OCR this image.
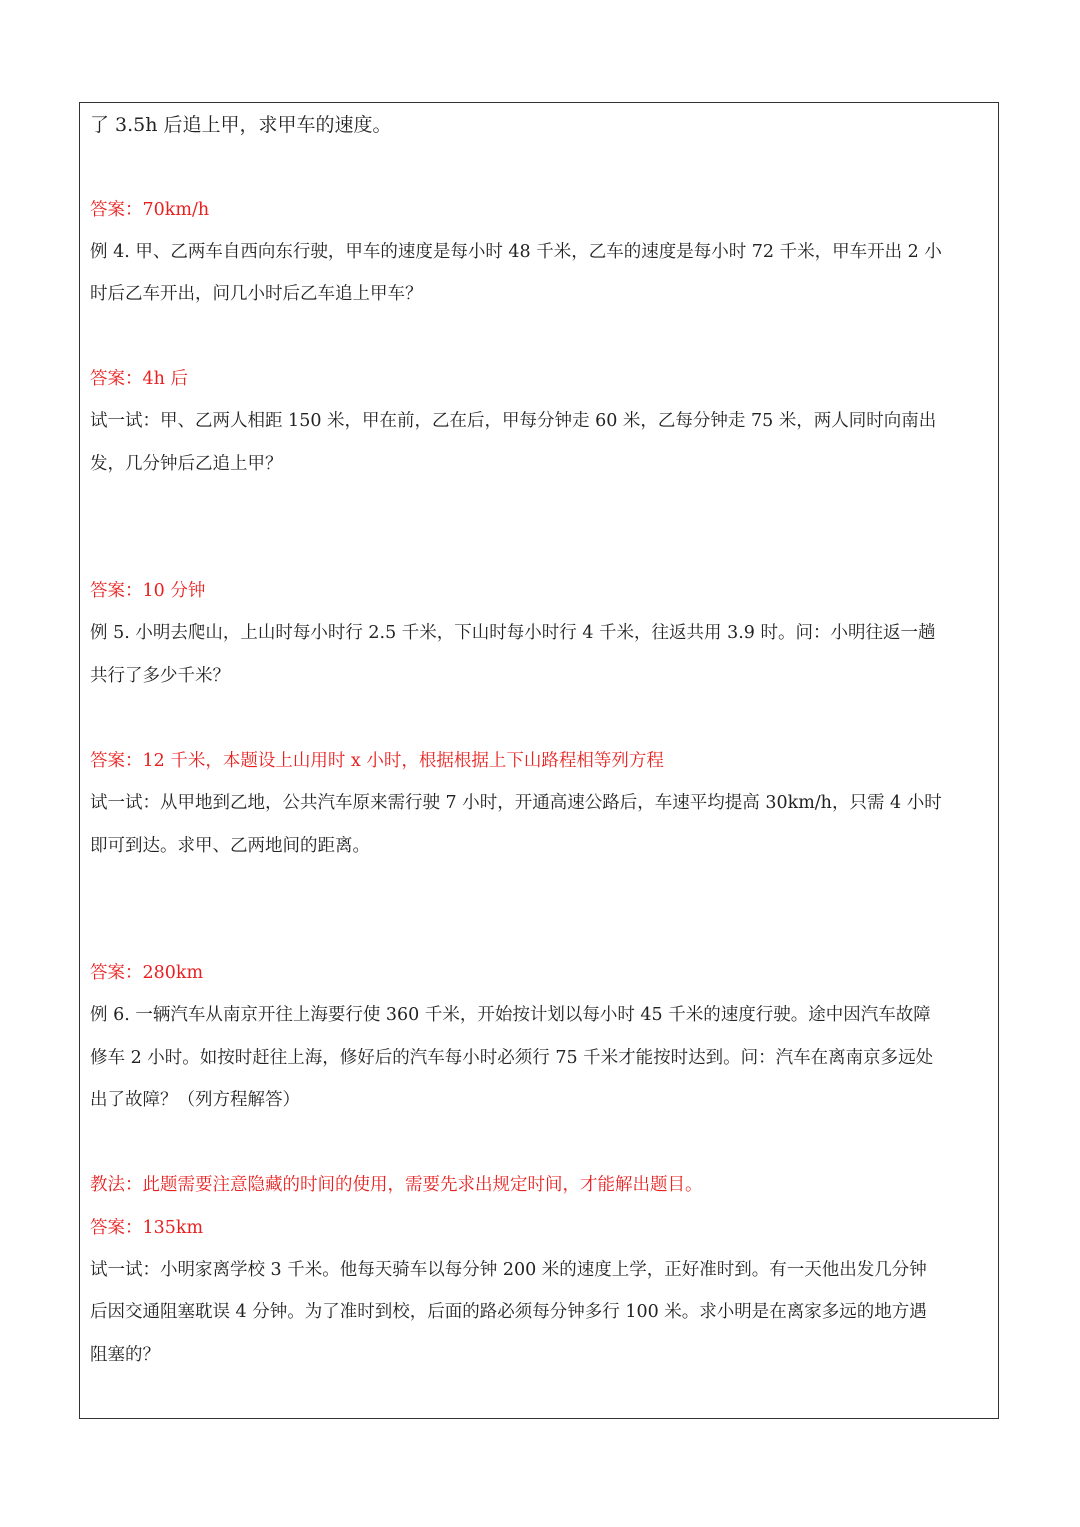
了 3.5h 后追上甲，求甲车的速度。
答案：70km/h
例 4. 甲、乙两车自西向东行驶，甲车的速度是每小时 48 千米，乙车的速度是每小时 72 千米，甲车开出 2 小
时后乙车开出，问几小时后乙车追上甲车？
答案：4h 后
试一试：甲、乙两人相距 150 米，甲在前，乙在后，甲每分钟走 60 米，乙每分钟走 75 米，两人同时向南出
发，几分钟后乙追上甲？
答案：10 分钟
例 5. 小明去爬山，上山时每小时行 2.5 千米，下山时每小时行 4 千米，往返共用 3.9 时。问：小明往返一趟
共行了多少千米？
答案：12 千米，本题设上山用时 x 小时，根据根据上下山路程相等列方程
试一试：从甲地到乙地，公共汽车原来需行驶 7 小时，开通高速公路后，车速平均提高 30km/h，只需 4 小时
即可到达。求甲、乙两地间的距离。
答案：280km
例 6. 一辆汽车从南京开往上海要行使 360 千米，开始按计划以每小时 45 千米的速度行驶。途中因汽车故障
修车 2 小时。如按时赶往上海，修好后的汽车每小时必须行 75 千米才能按时达到。问：汽车在离南京多远处
出了故障？（列方程解答）
教法：此题需要注意隐藏的时间的使用，需要先求出规定时间，才能解出题目。
答案：135km
试一试：小明家离学校 3 千米。他每天骑车以每分钟 200 米的速度上学，正好准时到。有一天他出发几分钟
后因交通阻塞耽误 4 分钟。为了准时到校，后面的路必须每分钟多行 100 米。求小明是在离家多远的地方遇
阻塞的？
